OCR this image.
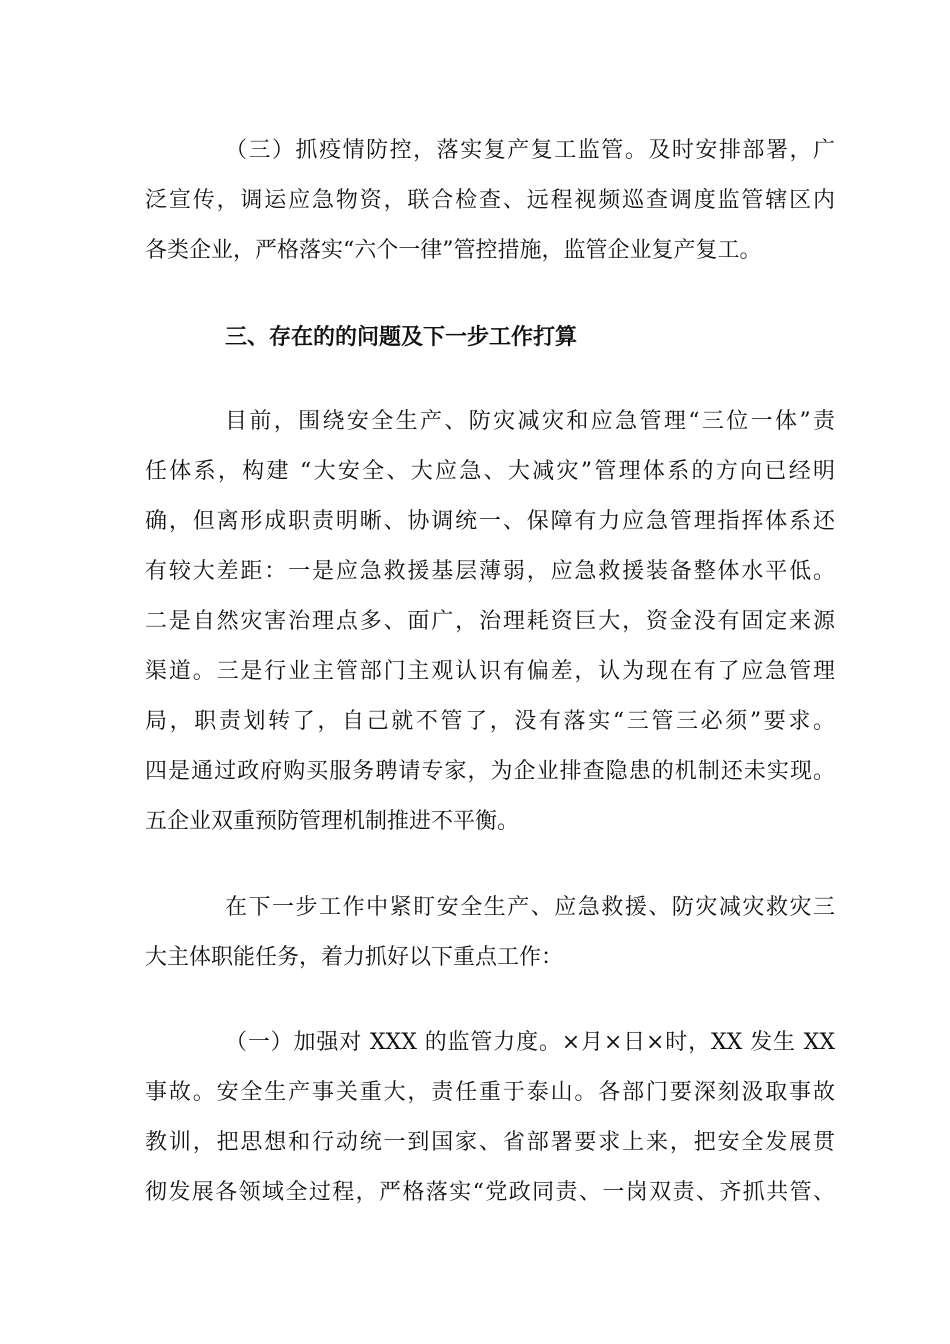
（三）抓疫情防控，落实复产复工监管。及时安排部署，广
泛宣传，调运应急物资，联合检查、远程视频巡查调度监管辖区内
各类企业，严格落实“六个一律”管控措施，监管企业复产复工。
三、存在的的问题及下一步工作打算
目前，围绕安全生产、防灾减灾和应急管理“三位一体”责
任体系，构建 “大安全、大应急、大减灾”管理体系的方向已经明
确，但离形成职责明晰、协调统一、保障有力应急管理指挥体系还
有较大差距：一是应急救援基层薄弱，应急救援装备整体水平低。
二是自然灾害治理点多、面广，治理耗资巨大，资金没有固定来源
渠道。三是行业主管部门主观认识有偏差，认为现在有了应急管理
局，职责划转了，自己就不管了，没有落实“三管三必须”要求。
四是通过政府购买服务聘请专家，为企业排查隐患的机制还未实现。
五企业双重预防管理机制推进不平衡。
在下一步工作中紧盯安全生产、应急救援、防灾减灾救灾三
大主体职能任务，着力抓好以下重点工作：
（一）加强对 XXX 的监管力度。×月×日×时，XX 发生 XX
事故。安全生产事关重大，责任重于泰山。各部门要深刻汲取事故
教训，把思想和行动统一到国家、省部署要求上来，把安全发展贯
彻发展各领域全过程，严格落实“党政同责、一岗双责、齐抓共管、
